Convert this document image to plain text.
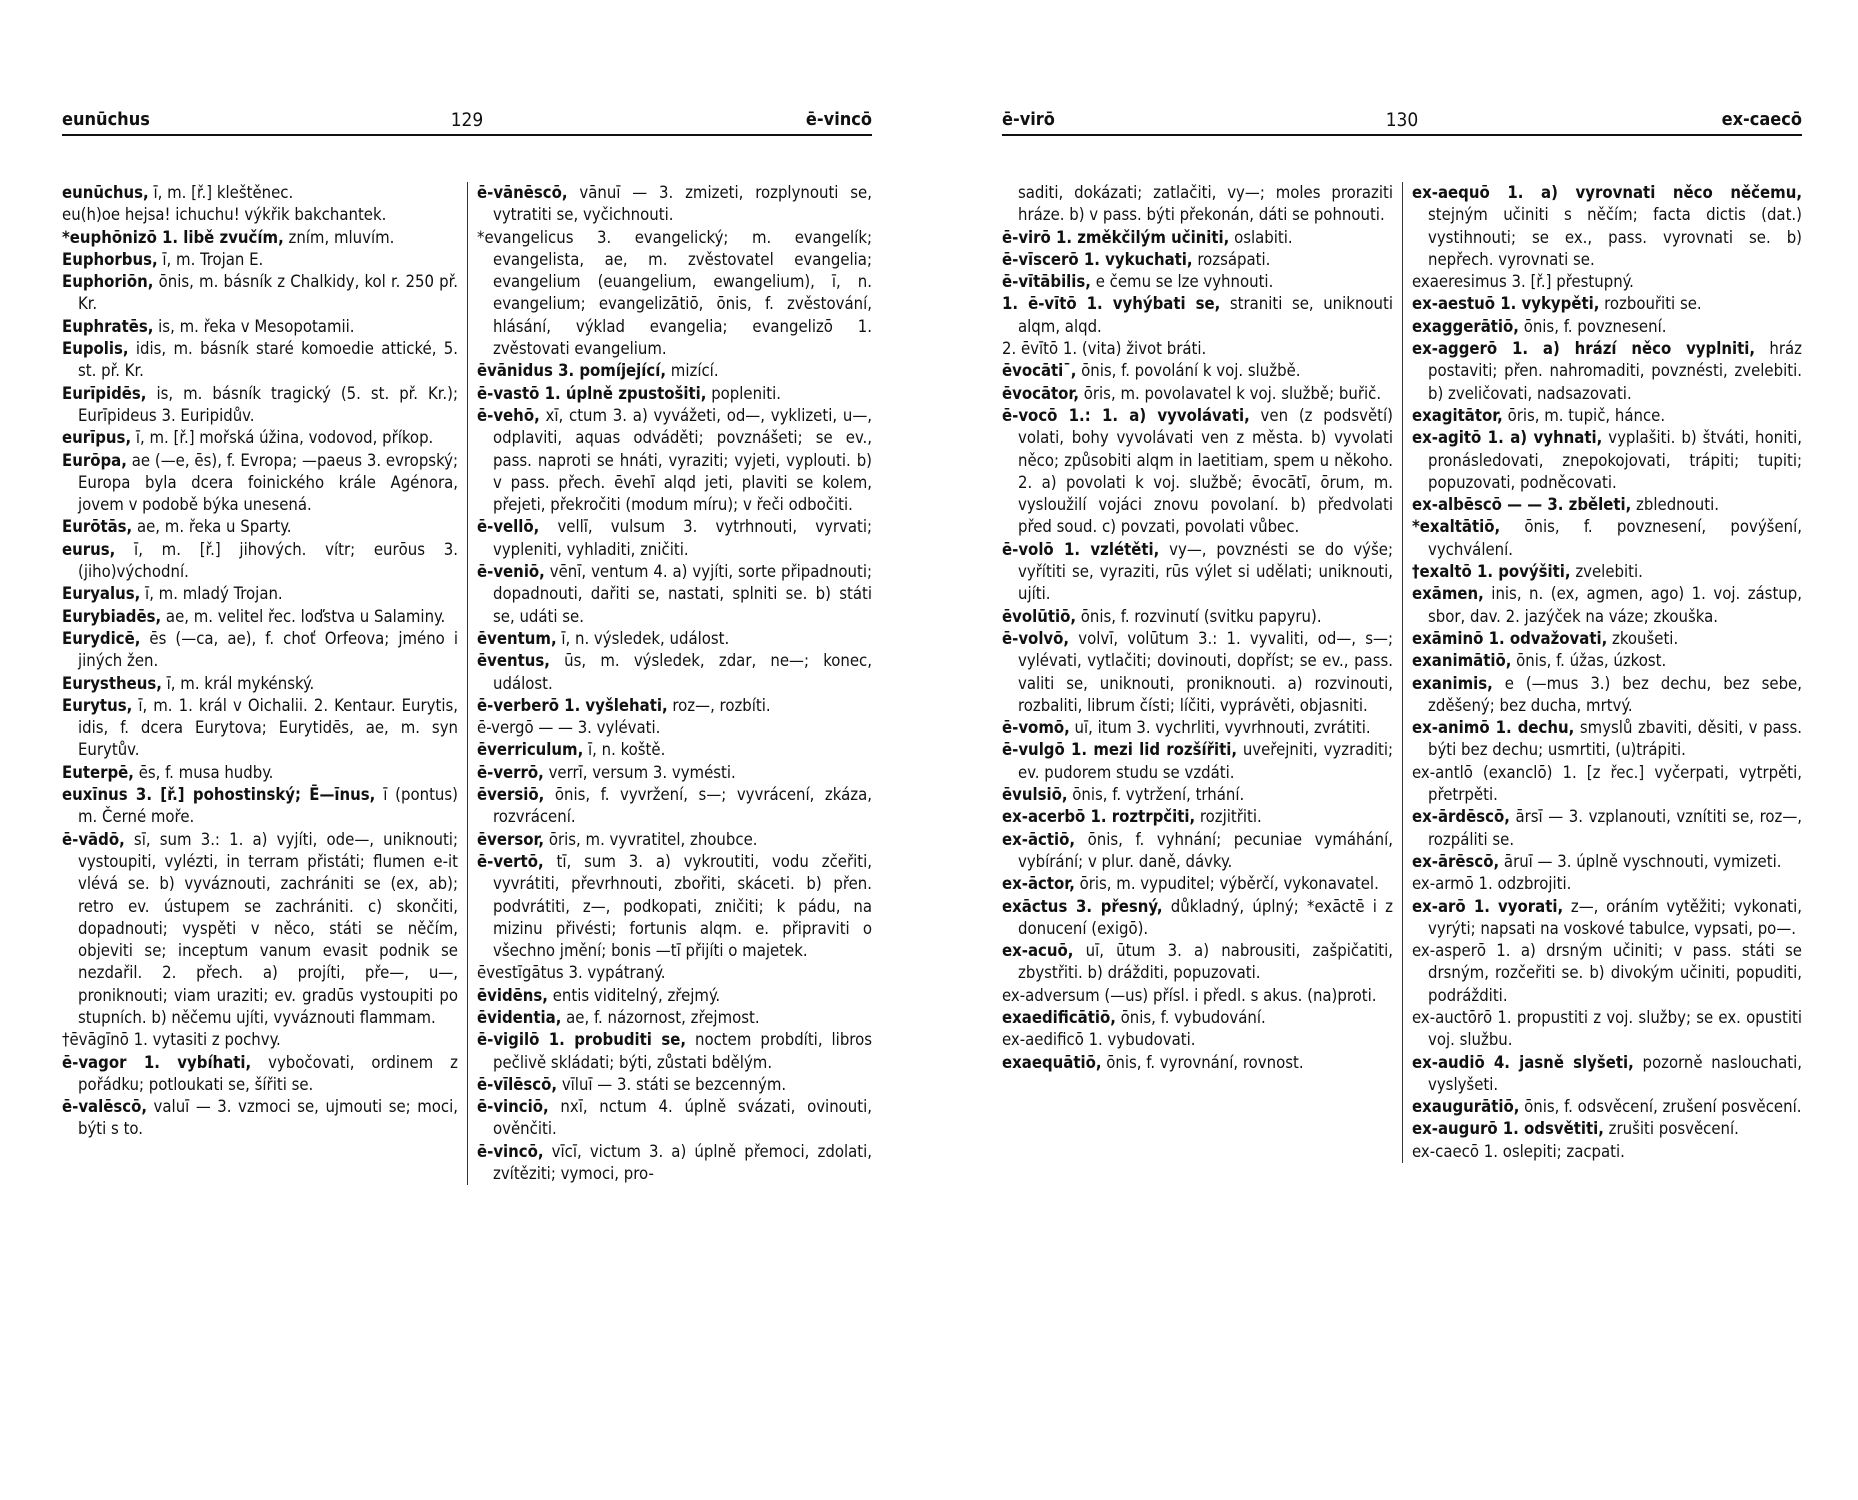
eunūchus	129	ē-vincō

eunūchus, ī, m. [ř.] kleštěnec.

eu(h)oe hejsa! ichuchu! výkřik bakchantek.

*euphōnizō 1. libě zvučím, zním, mluvím.

Euphorbus, ī, m. Trojan E.

Euphoriōn, ōnis, m. básník z Chalkidy, kol r. 250 př. Kr.

Euphratēs, is, m. řeka v Mesopotamii.

Eupolis, idis, m. básník staré komoedie attické, 5. st. př. Kr.

Eurīpidēs, is, m. básník tragický (5. st. př. Kr.); Eurīpideus 3. Euripidův.

eurīpus, ī, m. [ř.] mořská úžina, vodovod, příkop.

Eurōpa, ae (—e, ēs), f. Evropa; —paeus 3. evropský; Europa byla dcera foinického krále Agénora, jovem v podobě býka unesená.

Eurōtās, ae, m. řeka u Sparty.

eurus, ī, m. [ř.] jihových. vítr; eurōus 3. (jiho)východní.

Euryalus, ī, m. mladý Trojan.

Eurybiadēs, ae, m. velitel řec. loďstva u Salaminy.

Eurydicē, ēs (—ca, ae), f. choť Orfeova; jméno i jiných žen.

Eurystheus, ī, m. král mykénský.

Eurytus, ī, m. 1. král v Oichalii. 2. Kentaur. Eurytis, idis, f. dcera Eurytova; Eurytidēs, ae, m. syn Eurytův.

Euterpē, ēs, f. musa hudby.

euxīnus 3. [ř.] pohostinský; Ē—īnus, ī (pontus) m. Černé moře.

ē-vādō, sī, sum 3.: 1. a) vyjíti, ode—, uniknouti; vystoupiti, vylézti, in terram přistáti; flumen e-it vlévá se. b) vyváznouti, zachrániti se (ex, ab); retro ev. ústupem se zachrániti. c) skončiti, dopadnouti; vyspěti v něco, státi se něčím, objeviti se; inceptum vanum evasit podnik se nezdařil. 2. přech. a) projíti, pře—, u—, proniknouti; viam uraziti; ev. gradūs vystoupiti po stupních. b) něčemu ujíti, vyváznouti flammam.

†ēvāgīnō 1. vytasiti z pochvy.

ē-vagor 1. vybíhati, vybočovati, ordinem z pořádku; potloukati se, šířiti se.

ē-valēscō, valuī — 3. vzmoci se, ujmouti se; moci, býti s to.

ē-vānēscō, vānuī — 3. zmizeti, rozplynouti se, vytratiti se, vyčichnouti.

*evangelicus 3. evangelický; m. evangelík; evangelista, ae, m. zvěstovatel evangelia; evangelium (euangelium, ewangelium), ī, n. evangelium; evangelizātiō, ōnis, f. zvěstování, hlásání, výklad evangelia; evangelizō 1. zvěstovati evangelium.

ēvānidus 3. pomíjející, mizící.

ē-vastō 1. úplně zpustošiti, popleniti.

ē-vehō, xī, ctum 3. a) vyvážeti, od—, vyklizeti, u—, odplaviti, aquas odváděti; povznášeti; se ev., pass. naproti se hnáti, vyraziti; vyjeti, vyplouti. b) v pass. přech. ēvehī alqd jeti, plaviti se kolem, přejeti, překročiti (modum míru); v řeči odbočiti.

ē-vellō, vellī, vulsum 3. vytrhnouti, vyrvati; vypleniti, vyhladiti, zničiti.

ē-veniō, vēnī, ventum 4. a) vyjíti, sorte připadnouti; dopadnouti, dařiti se, nastati, splniti se. b) státi se, udáti se.

ēventum, ī, n. výsledek, událost.

ēventus, ūs, m. výsledek, zdar, ne—; konec, událost.

ē-verberō 1. vyšlehati, roz—, rozbíti.

ē-vergō — — 3. vylévati.

ēverriculum, ī, n. koště.

ē-verrō, verrī, versum 3. vymésti.

ēversiō, ōnis, f. vyvržení, s—; vyvrácení, zkáza, rozvrácení.

ēversor, ōris, m. vyvratitel, zhoubce.

ē-vertō, tī, sum 3. a) vykroutiti, vodu zčeřiti, vyvrátiti, převrhnouti, zbořiti, skáceti. b) přen. podvrátiti, z—, podkopati, zničiti; k pádu, na mizinu přivésti; fortunis alqm. e. připraviti o všechno jmění; bonis —tī přijíti o majetek.

ēvestīgātus 3. vypátraný.

ēvidēns, entis viditelný, zřejmý.

ēvidentia, ae, f. názornost, zřejmost.

ē-vigilō 1. probuditi se, noctem probdíti, libros pečlivě skládati; býti, zůstati bdělým.

ē-vīlēscō, vīluī — 3. státi se bezcenným.

ē-vinciō, nxī, nctum 4. úplně svázati, ovinouti, ověnčiti.

ē-vincō, vīcī, victum 3. a) úplně přemoci, zdolati, zvítěziti; vymoci, pro-

ē-virō	130	ex-caecō

saditi, dokázati; zatlačiti, vy—; moles proraziti hráze. b) v pass. býti překonán, dáti se pohnouti.

ē-virō 1. změkčilým učiniti, oslabiti.

ē-vīscerō 1. vykuchati, rozsápati.

ē-vītābilis, e čemu se lze vyhnouti.

1. ē-vītō 1. vyhýbati se, straniti se, uniknouti alqm, alqd.

2. ēvītō 1. (vita) život bráti.

ēvocātiˉ, ōnis, f. povolání k voj. službě.

ēvocātor, ōris, m. povolavatel k voj. službě; buřič.

ē-vocō 1.: 1. a) vyvolávati, ven (z podsvětí) volati, bohy vyvolávati ven z města. b) vyvolati něco; způsobiti alqm in laetitiam, spem u někoho. 2. a) povolati k voj. službě; ēvocātī, ōrum, m. vysloužilí vojáci znovu povolaní. b) předvolati před soud. c) povzati, povolati vůbec.

ē-volō 1. vzlétěti, vy—, povznésti se do výše; vyřítiti se, vyraziti, rūs výlet si udělati; uniknouti, ujíti.

ēvolūtiō, ōnis, f. rozvinutí (svitku papyru).

ē-volvō, volvī, volūtum 3.: 1. vyvaliti, od—, s—; vylévati, vytlačiti; dovinouti, dopříst; se ev., pass. valiti se, uniknouti, proniknouti. a) rozvinouti, rozbaliti, librum čísti; líčiti, vyprávěti, objasniti.

ē-vomō, uī, itum 3. vychrliti, vyvrhnouti, zvrátiti.

ē-vulgō 1. mezi lid rozšířiti, uveřejniti, vyzraditi; ev. pudorem studu se vzdáti.

ēvulsiō, ōnis, f. vytržení, trhání.

ex-acerbō 1. roztrpčiti, rozjitřiti.

ex-āctiō, ōnis, f. vyhnání; pecuniae vymáhání, vybírání; v plur. daně, dávky.

ex-āctor, ōris, m. vypuditel; výběrčí, vykonavatel.

exāctus 3. přesný, důkladný, úplný; *exāctē i z donucení (exigō).

ex-acuō, uī, ūtum 3. a) nabrousiti, zašpičatiti, zbystřiti. b) drážditi, popuzovati.

ex-adversum (—us) přísl. i předl. s akus. (na)proti.

exaedificātiō, ōnis, f. vybudování.

ex-aedificō 1. vybudovati.

exaequātiō, ōnis, f. vyrovnání, rovnost.

ex-aequō 1. a) vyrovnati něco něčemu, stejným učiniti s něčím; facta dictis (dat.) vystihnouti; se ex., pass. vyrovnati se. b) nepřech. vyrovnati se.

exaeresimus 3. [ř.] přestupný.

ex-aestuō 1. vykypěti, rozbouřiti se.

exaggerātiō, ōnis, f. povznesení.

ex-aggerō 1. a) hrází něco vyplniti, hráz postaviti; přen. nahromaditi, povznésti, zvelebiti. b) zveličovati, nadsazovati.

exagitātor, ōris, m. tupič, hánce.

ex-agitō 1. a) vyhnati, vyplašiti. b) štváti, honiti, pronásledovati, znepokojovati, trápiti; tupiti; popuzovati, podněcovati.

ex-albēscō — — 3. zběleti, zblednouti.

*exaltātiō, ōnis, f. povznesení, povýšení, vychválení.

†exaltō 1. povýšiti, zvelebiti.

exāmen, inis, n. (ex, agmen, ago) 1. voj. zástup, sbor, dav. 2. jazýček na váze; zkouška.

exāminō 1. odvažovati, zkoušeti.

exanimātiō, ōnis, f. úžas, úzkost.

exanimis, e (—mus 3.) bez dechu, bez sebe, zděšený; bez ducha, mrtvý.

ex-animō 1. dechu, smyslů zbaviti, děsiti, v pass. býti bez dechu; usmrtiti, (u)trápiti.

ex-antlō (exanclō) 1. [z řec.] vyčerpati, vytrpěti, přetrpěti.

ex-ārdēscō, ārsī — 3. vzplanouti, vznítiti se, roz—, rozpáliti se.

ex-ārēscō, āruī — 3. úplně vyschnouti, vymizeti.

ex-armō 1. odzbrojiti.

ex-arō 1. vyorati, z—, oráním vytěžiti; vykonati, vyrýti; napsati na voskové tabulce, vypsati, po—.

ex-asperō 1. a) drsným učiniti; v pass. státi se drsným, rozčeřiti se. b) divokým učiniti, popuditi, podrážditi.

ex-auctōrō 1. propustiti z voj. služby; se ex. opustiti voj. službu.

ex-audiō 4. jasně slyšeti, pozorně naslouchati, vyslyšeti.

exaugurātiō, ōnis, f. odsvěcení, zrušení posvěcení.

ex-augurō 1. odsvětiti, zrušiti posvěcení.

ex-caecō 1. oslepiti; zacpati.
